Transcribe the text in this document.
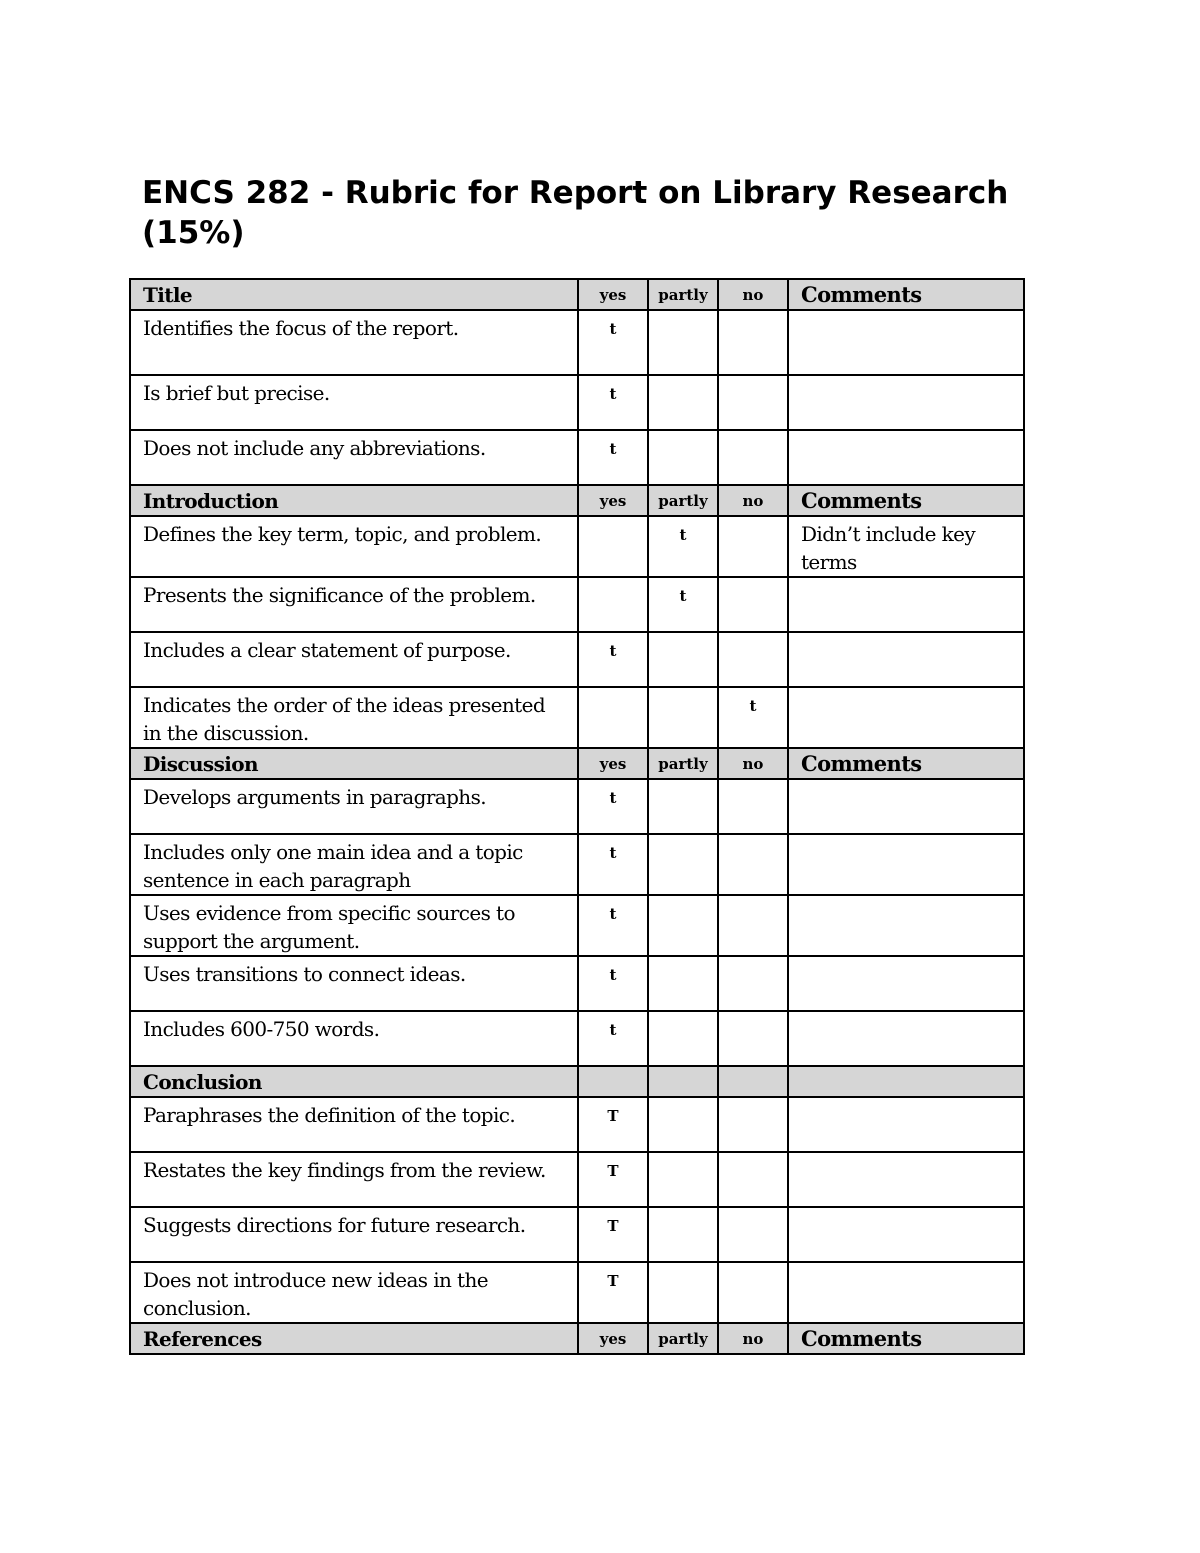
ENCS 282 - Rubric for Report on Library Research (15%)
Title	yes	partly	no	Comments
Identifies the focus of the report.	t			
Is brief but precise.	t			
Does not include any abbreviations.	t			
Introduction	yes	partly	no	Comments
Defines the key term, topic, and problem.		t		Didn’t include key terms
Presents the significance of the problem.		t		
Includes a clear statement of purpose.	t			
Indicates the order of the ideas presented in the discussion.			t	
Discussion	yes	partly	no	Comments
Develops arguments in paragraphs.	t			
Includes only one main idea and a topic sentence in each paragraph	t			
Uses evidence from specific sources to support the argument.	t			
Uses transitions to connect ideas.	t			
Includes 600-750 words.	t			
Conclusion				
Paraphrases the definition of the topic.	T			
Restates the key findings from the review.	T			
Suggests directions for future research.	T			
Does not introduce new ideas in the conclusion.	T			
References	yes	partly	no	Comments
